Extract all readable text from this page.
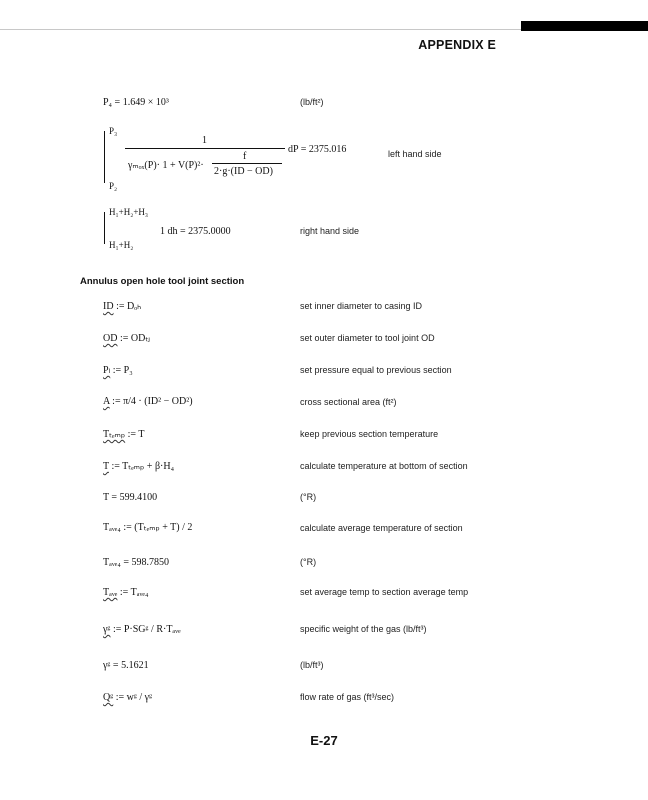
APPENDIX E
P₄ = 1.649 × 10³	(lb/ft²)
P₃
P₂
1
γₘₒₓ(P)· 1 + V(P)²·
f
2·g·(ID − OD)
dP = 2375.016	left hand side
H₁+H₂+H₃
H₁+H₂
1 dh = 2375.0000	right hand side
Annulus open hole tool joint section
ID := Dₒₕ	set inner diameter to casing ID
OD := ODₜⱼ	set outer diameter to tool joint OD
Pₗ := P₃	set pressure equal to previous section
A := π/4 · (ID² − OD²)	cross sectional area (ft²)
Tₜₑₘₚ := T	keep previous section temperature
T := Tₜₑₘₚ + β·H₄	calculate temperature at bottom of section
T = 599.4100	(°R)
Tₐᵥₑ₄ := (Tₜₑₘₚ + T) / 2	calculate average temperature of section
Tₐᵥₑ₄ = 598.7850	(°R)
Tₐᵥₑ := Tₐᵥₑ₄	set average temp to section average temp
γᵍ := P·SGᵍ / R·Tₐᵥₑ	specific weight of the gas (lb/ft³)
γᵍ = 5.1621	(lb/ft³)
Qᵍ := wᵍ / γᵍ	flow rate of gas (ft³/sec)
E-27
